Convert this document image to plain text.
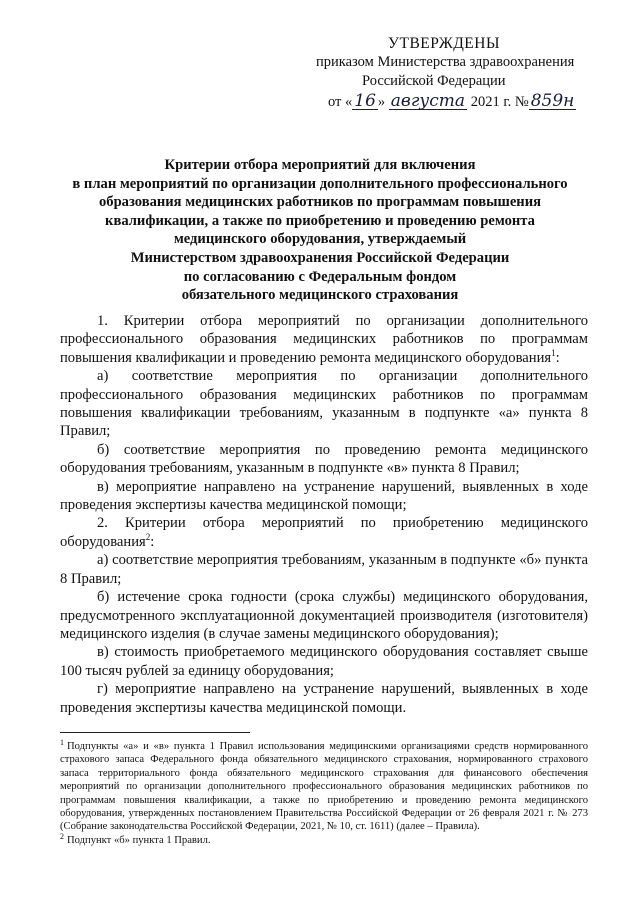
УТВЕРЖДЕНЫ
приказом Министерства здравоохранения
Российской Федерации
от « 16 » августа 2021 г. № 859н
Критерии отбора мероприятий для включения
в план мероприятий по организации дополнительного профессионального
образования медицинских работников по программам повышения
квалификации, а также по приобретению и проведению ремонта
медицинского оборудования, утверждаемый
Министерством здравоохранения Российской Федерации
по согласованию с Федеральным фондом
обязательного медицинского страхования

1. Критерии отбора мероприятий по организации дополнительного профессионального образования медицинских работников по программам повышения квалификации и проведению ремонта медицинского оборудования$^1$:

а) соответствие мероприятия по организации дополнительного профессионального образования медицинских работников по программам повышения квалификации требованиям, указанным в подпункте «а» пункта 8 Правил;

б) соответствие мероприятия по проведению ремонта медицинского оборудования требованиям, указанным в подпункте «в» пункта 8 Правил;

в) мероприятие направлено на устранение нарушений, выявленных в ходе проведения экспертизы качества медицинской помощи;

2. Критерии отбора мероприятий по приобретению медицинского оборудования$^2$:

а) соответствие мероприятия требованиям, указанным в подпункте «б» пункта 8 Правил;

б) истечение срока годности (срока службы) медицинского оборудования, предусмотренного эксплуатационной документацией производителя (изготовителя) медицинского изделия (в случае замены медицинского оборудования);

в) стоимость приобретаемого медицинского оборудования составляет свыше 100 тысяч рублей за единицу оборудования;

г) мероприятие направлено на устранение нарушений, выявленных в ходе проведения экспертизы качества медицинской помощи.

$^1$ Подпункты «а» и «в» пункта 1 Правил использования медицинскими организациями средств нормированного страхового запаса Федерального фонда обязательного медицинского страхования, нормированного страхового запаса территориального фонда обязательного медицинского страхования для финансового обеспечения мероприятий по организации дополнительного профессионального образования медицинских работников по программам повышения квалификации, а также по приобретению и проведению ремонта медицинского оборудования, утвержденных постановлением Правительства Российской Федерации от 26 февраля 2021 г. № 273 (Собрание законодательства Российской Федерации, 2021, № 10, ст. 1611) (далее – Правила).

$^2$ Подпункт «б» пункта 1 Правил.
